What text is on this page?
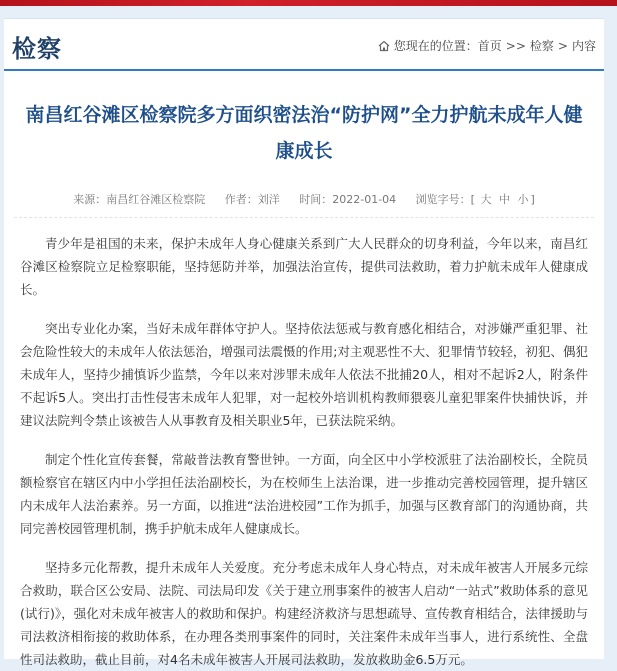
检察	您现在的位置： 首页 >> 检察 > 内容
南昌红谷滩区检察院多方面织密法治“防护网”全力护航未成年人健康成长
来源：南昌红谷滩区检察院 作者：刘洋 时间：2022-01-04 浏览字号：[ 大 中 小 ]

青少年是祖国的未来，保护未成年人身心健康关系到广大人民群众的切身利益，今年以来，南昌红谷滩区检察院立足检察职能，坚持惩防并举，加强法治宣传，提供司法救助，着力护航未成年人健康成长。

突出专业化办案，当好未成年群体守护人。坚持依法惩戒与教育感化相结合，对涉嫌严重犯罪、社会危险性较大的未成年人依法惩治，增强司法震慑的作用;对主观恶性不大、犯罪情节较轻，初犯、偶犯未成年人，坚持少捕慎诉少监禁，今年以来对涉罪未成年人依法不批捕20人，相对不起诉2人，附条件不起诉5人。突出打击性侵害未成年人犯罪，对一起校外培训机构教师猥亵儿童犯罪案件快捕快诉，并建议法院判令禁止该被告人从事教育及相关职业5年，已获法院采纳。

制定个性化宣传套餐，常敲普法教育警世钟。一方面，向全区中小学校派驻了法治副校长，全院员额检察官在辖区内中小学担任法治副校长，为在校师生上法治课，进一步推动完善校园管理，提升辖区内未成年人法治素养。另一方面，以推进“法治进校园”工作为抓手，加强与区教育部门的沟通协商，共同完善校园管理机制，携手护航未成年人健康成长。

坚持多元化帮教，提升未成年人关爱度。充分考虑未成年人身心特点，对未成年被害人开展多元综合救助，联合区公安局、法院、司法局印发《关于建立刑事案件的被害人启动“一站式”救助体系的意见(试行)》，强化对未成年被害人的救助和保护。构建经济救济与思想疏导、宣传教育相结合，法律援助与司法救济相衔接的救助体系，在办理各类刑事案件的同时，关注案件未成年当事人，进行系统性、全盘性司法救助，截止目前，对4名未成年被害人开展司法救助，发放救助金6.5万元。
